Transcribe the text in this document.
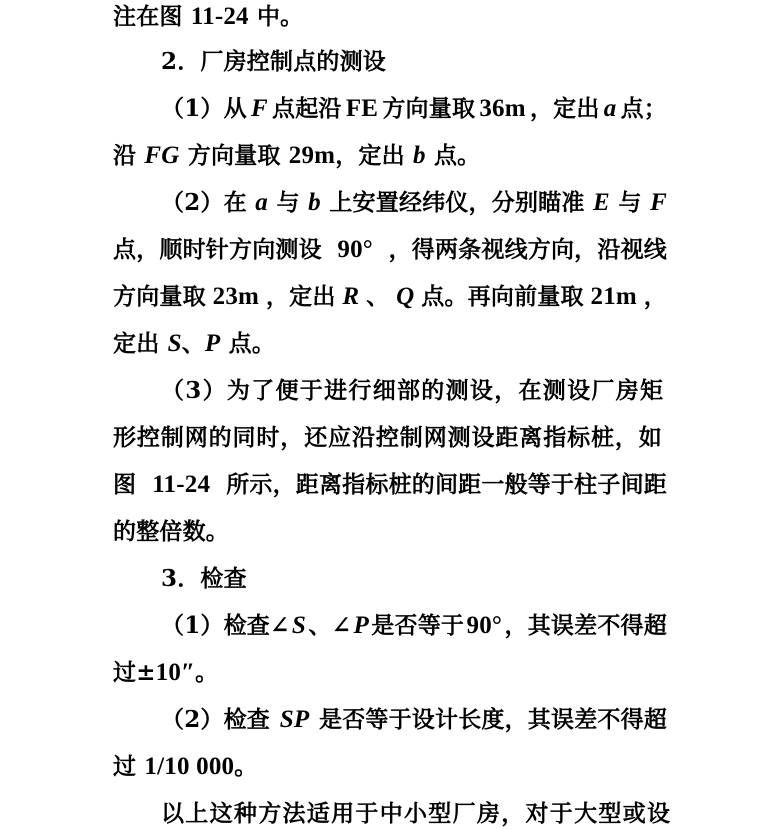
注在图 11-24 中。
2．厂房控制点的测设
（1）从 F 点起沿 FE 方向量取 36m ，定出 a 点；
沿 FG 方向量取 29m，定出 b 点。
（2）在 a 与 b 上安置经纬仪，分别瞄准 E 与 F
点，顺时针方向测设 90° ，得两条视线方向，沿视线
方向量取 23m ，定出 R 、 Q 点。再向前量取 21m ，
定出 S、P 点。
（3）为了便于进行细部的测设，在测设厂房矩
形控制网的同时，还应沿控制网测设距离指标桩，如
图 11-24 所示，距离指标桩的间距一般等于柱子间距
的整倍数。
3．检查
（1）检查∠ S 、∠ P 是否等于 90° ，其误差不得超
过±10″。
（2）检查 SP 是否等于设计长度，其误差不得超
过 1/10 000。
以上这种方法适用于中小型厂房，对于大型或设
